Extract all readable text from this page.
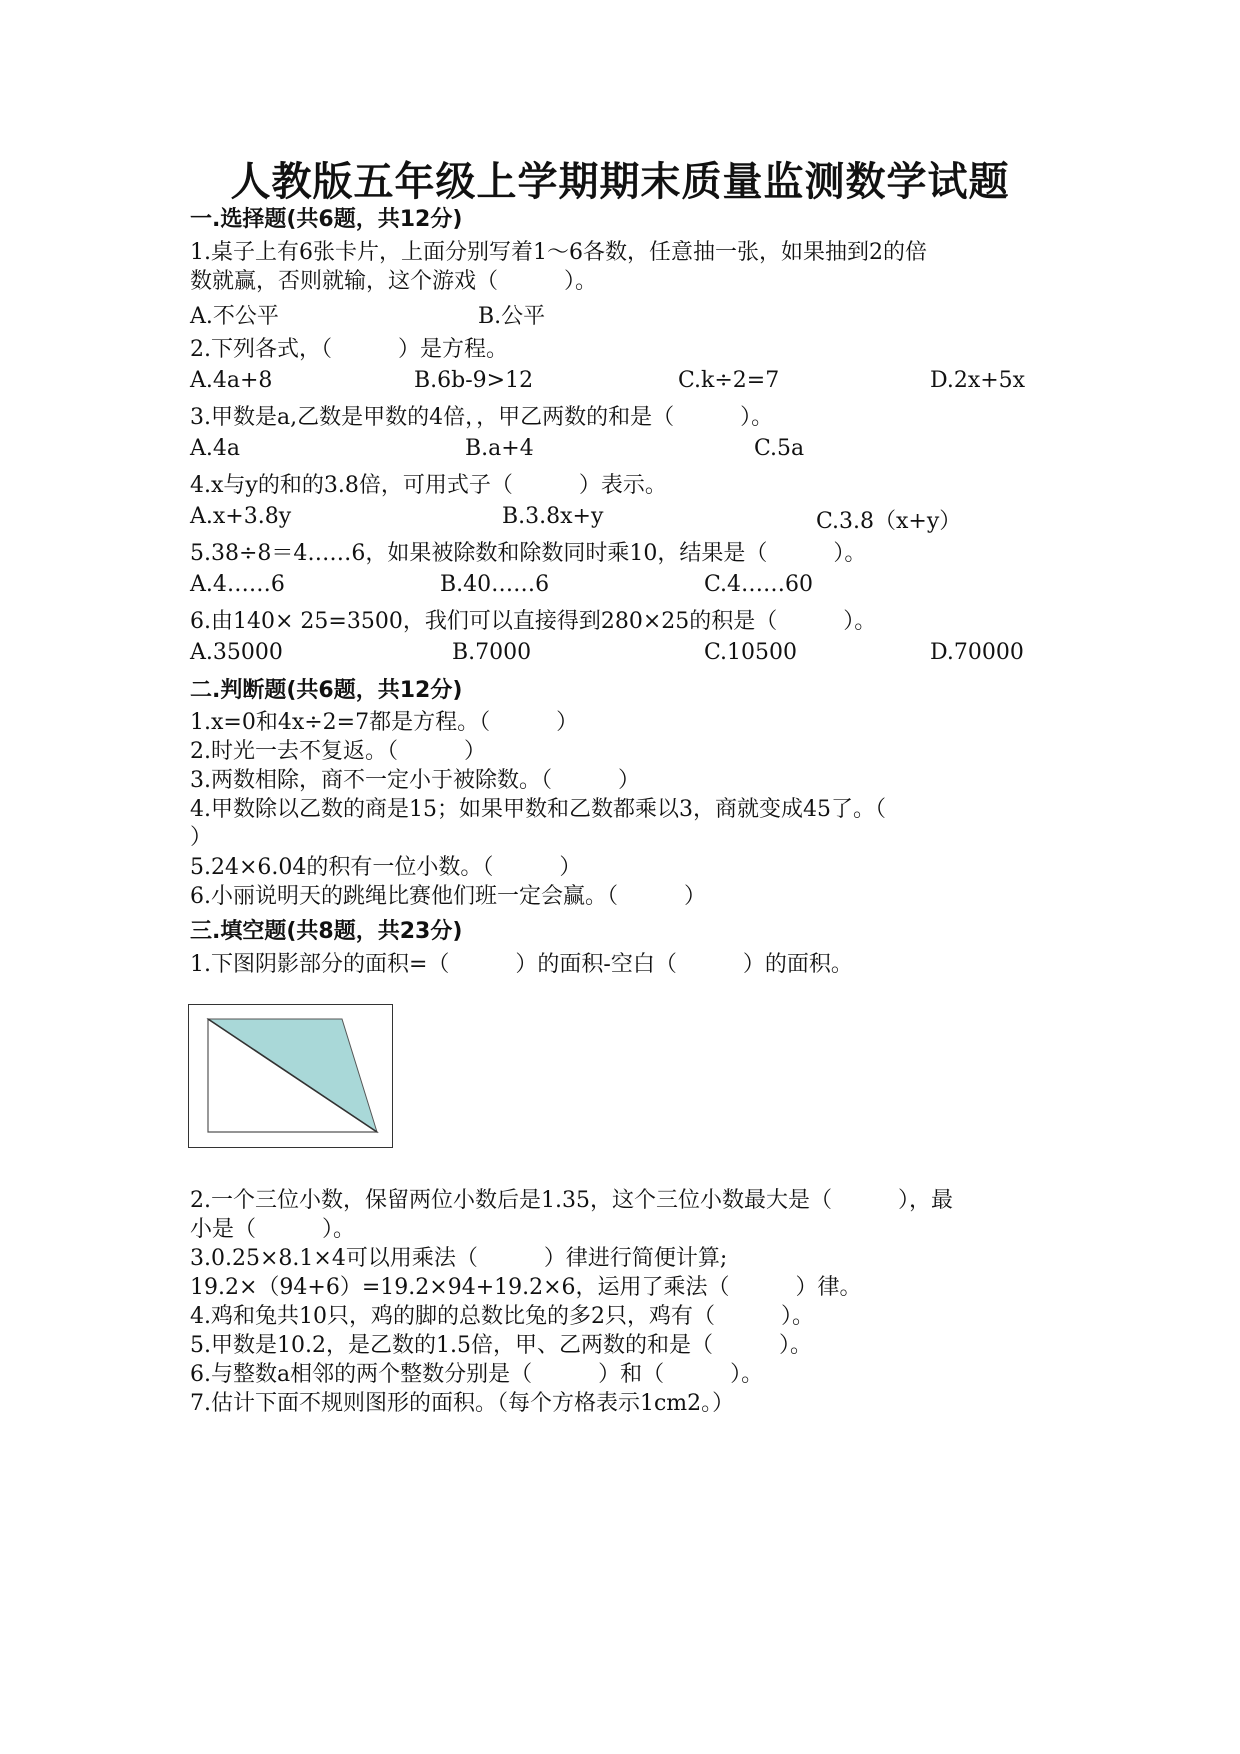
人教版五年级上学期期末质量监测数学试题
一.选择题(共6题，共12分)
1.桌子上有6张卡片，上面分别写着1～6各数，任意抽一张，如果抽到2的倍
数就赢，否则就输，这个游戏（　　　）。
A.不公平	B.公平
2.下列各式，（　　　）是方程。
A.4a+8	B.6b-9>12	C.k÷2=7	D.2x+5x
3.甲数是a,乙数是甲数的4倍，，甲乙两数的和是（　　　）。
A.4a	B.a+4	C.5a
4.x与y的和的3.8倍，可用式子（　　　）表示。
A.x+3.8y	B.3.8x+y	C.3.8（x+y）
5.38÷8＝4……6，如果被除数和除数同时乘10，结果是（　　　）。
A.4……6	B.40……6	C.4……60
6.由140× 25=3500，我们可以直接得到280×25的积是（　　　）。
A.35000	B.7000	C.10500	D.70000
二.判断题(共6题，共12分)
1.x=0和4x÷2=7都是方程。（　　　）
2.时光一去不复返。（　　　）
3.两数相除，商不一定小于被除数。（　　　）
4.甲数除以乙数的商是15；如果甲数和乙数都乘以3，商就变成45了。（
）
5.24×6.04的积有一位小数。（　　　）
6.小丽说明天的跳绳比赛他们班一定会赢。（　　　）
三.填空题(共8题，共23分)
1.下图阴影部分的面积=（　　　）的面积-空白（　　　）的面积。
2.一个三位小数，保留两位小数后是1.35，这个三位小数最大是（　　　），最
小是（　　　）。
3.0.25×8.1×4可以用乘法（　　　）律进行简便计算;
19.2×（94+6）=19.2×94+19.2×6，运用了乘法（　　　）律。
4.鸡和兔共10只，鸡的脚的总数比兔的多2只，鸡有（　　　）。
5.甲数是10.2，是乙数的1.5倍，甲、乙两数的和是（　　　）。
6.与整数a相邻的两个整数分别是（　　　）和（　　　）。
7.估计下面不规则图形的面积。（每个方格表示1cm2。）
